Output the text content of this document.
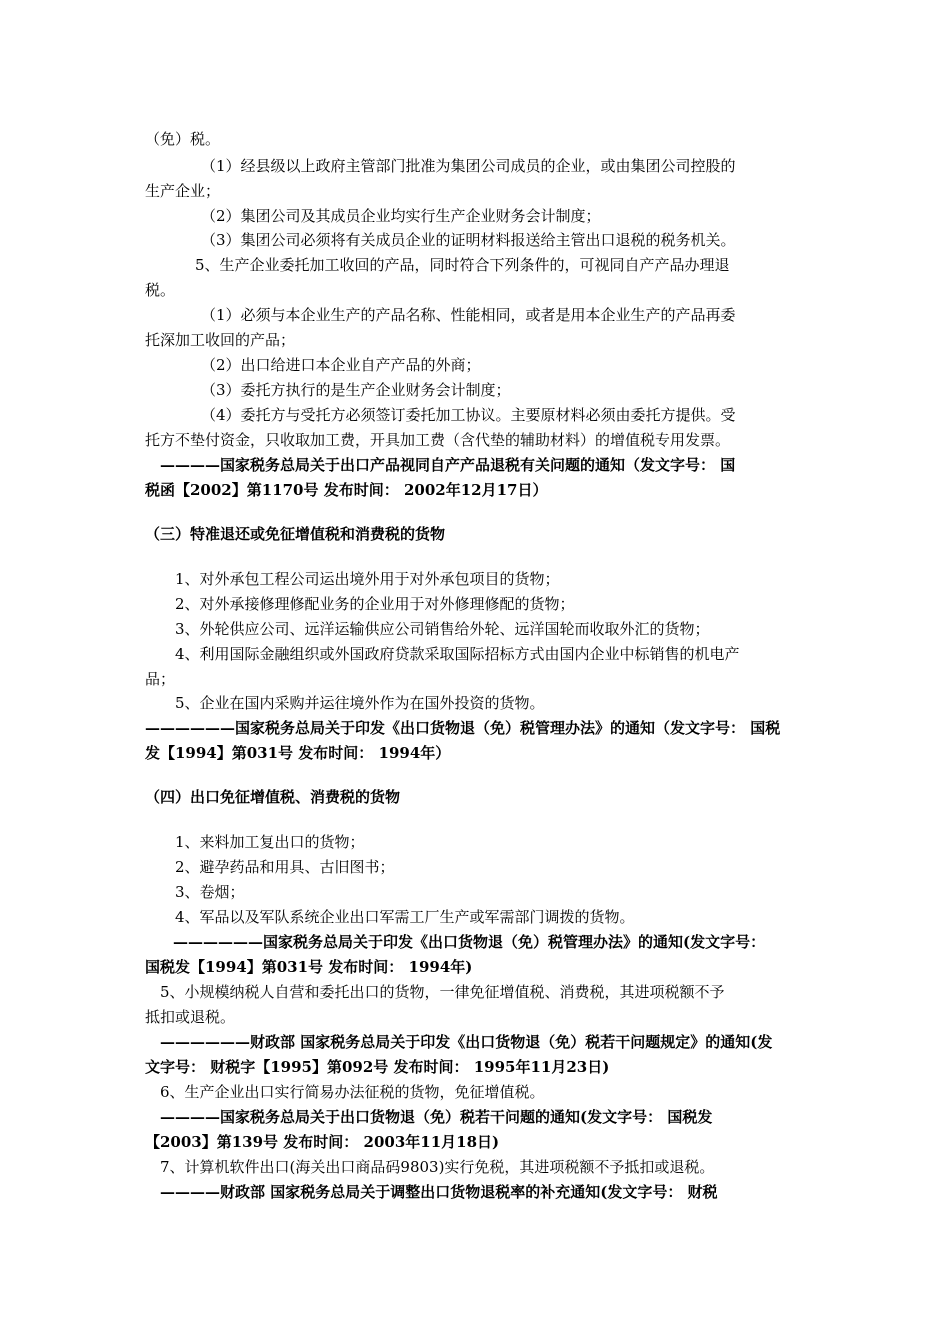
（免）税。
（1）经县级以上政府主管部门批准为集团公司成员的企业，或由集团公司控股的
生产企业；
（2）集团公司及其成员企业均实行生产企业财务会计制度；
（3）集团公司必须将有关成员企业的证明材料报送给主管出口退税的税务机关。
5、生产企业委托加工收回的产品，同时符合下列条件的，可视同自产产品办理退
税。
（1）必须与本企业生产的产品名称、性能相同，或者是用本企业生产的产品再委
托深加工收回的产品；
（2）出口给进口本企业自产产品的外商；
（3）委托方执行的是生产企业财务会计制度；
（4）委托方与受托方必须签订委托加工协议。主要原材料必须由委托方提供。受
托方不垫付资金，只收取加工费，开具加工费（含代垫的辅助材料）的增值税专用发票。
————国家税务总局关于出口产品视同自产产品退税有关问题的通知（发文字号： 国
税函【2002】第1170号 发布时间： 2002年12月17日）
（三）特准退还或免征增值税和消费税的货物
1、对外承包工程公司运出境外用于对外承包项目的货物；
2、对外承接修理修配业务的企业用于对外修理修配的货物；
3、外轮供应公司、远洋运输供应公司销售给外轮、远洋国轮而收取外汇的货物；
4、利用国际金融组织或外国政府贷款采取国际招标方式由国内企业中标销售的机电产
品；
5、企业在国内采购并运往境外作为在国外投资的货物。
——————国家税务总局关于印发《出口货物退（免）税管理办法》的通知（发文字号： 国税
发【1994】第031号 发布时间： 1994年）
（四）出口免征增值税、消费税的货物
1、来料加工复出口的货物；
2、避孕药品和用具、古旧图书；
3、卷烟；
4、军品以及军队系统企业出口军需工厂生产或军需部门调拨的货物。
——————国家税务总局关于印发《出口货物退（免）税管理办法》的通知(发文字号：
国税发【1994】第031号 发布时间： 1994年)
5、小规模纳税人自营和委托出口的货物，一律免征增值税、消费税，其进项税额不予
抵扣或退税。
——————财政部 国家税务总局关于印发《出口货物退（免）税若干问题规定》的通知(发
文字号： 财税字【1995】第092号 发布时间： 1995年11月23日)
6、生产企业出口实行简易办法征税的货物，免征增值税。
————国家税务总局关于出口货物退（免）税若干问题的通知(发文字号： 国税发
【2003】第139号 发布时间： 2003年11月18日)
7、计算机软件出口(海关出口商品码9803)实行免税，其进项税额不予抵扣或退税。
————财政部 国家税务总局关于调整出口货物退税率的补充通知(发文字号： 财税
